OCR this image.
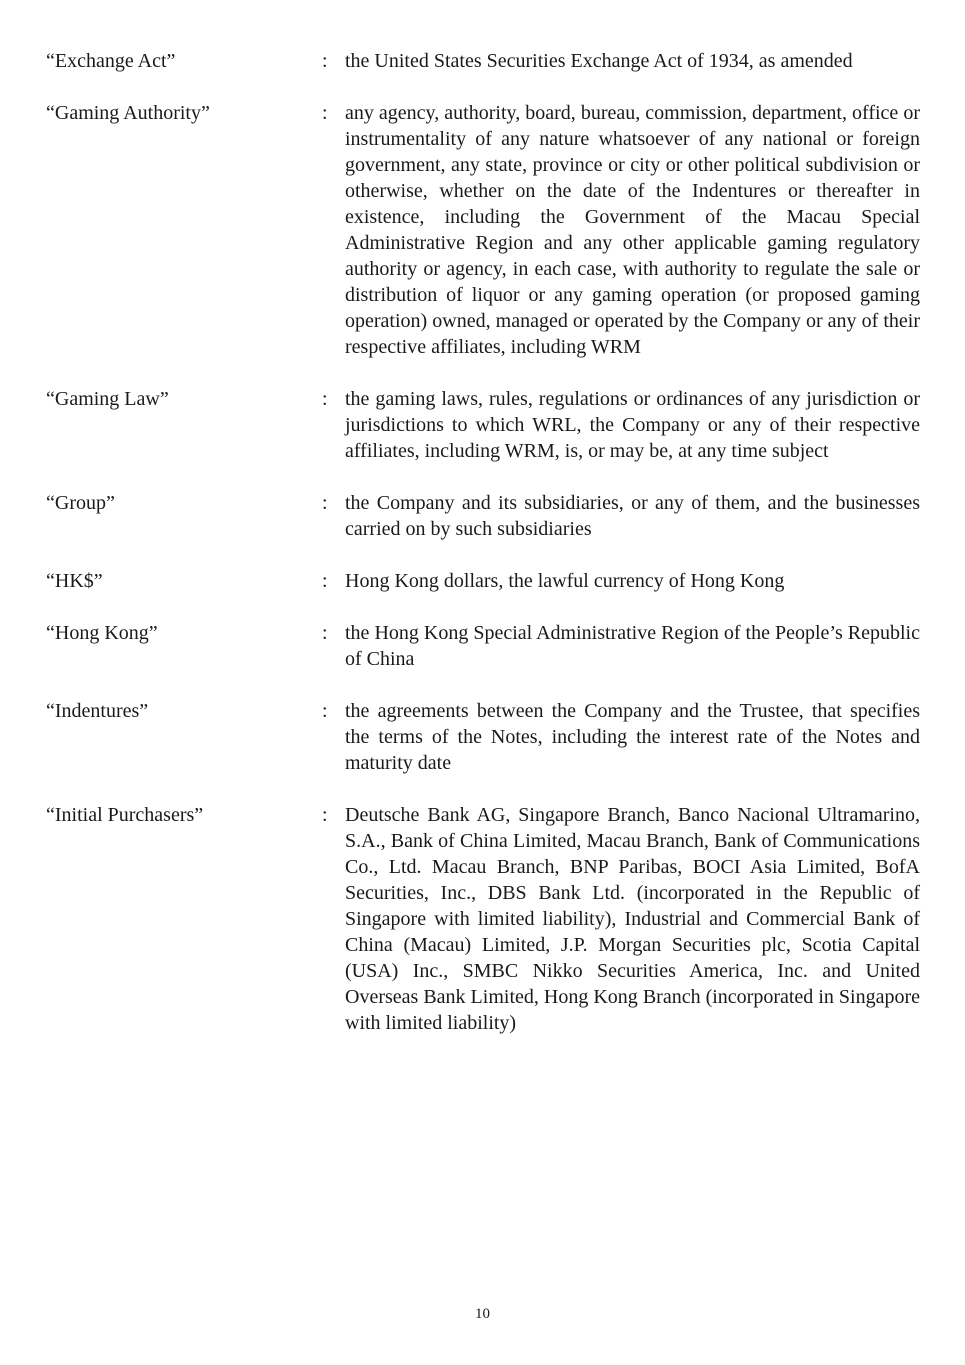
“Exchange Act”	: the United States Securities Exchange Act of 1934, as amended
“Gaming Authority”	: any agency, authority, board, bureau, commission, department, office or instrumentality of any nature whatsoever of any national or foreign government, any state, province or city or other political subdivision or otherwise, whether on the date of the Indentures or thereafter in existence, including the Government of the Macau Special Administrative Region and any other applicable gaming regulatory authority or agency, in each case, with authority to regulate the sale or distribution of liquor or any gaming operation (or proposed gaming operation) owned, managed or operated by the Company or any of their respective affiliates, including WRM
“Gaming Law”	: the gaming laws, rules, regulations or ordinances of any jurisdiction or jurisdictions to which WRL, the Company or any of their respective affiliates, including WRM, is, or may be, at any time subject
“Group”	: the Company and its subsidiaries, or any of them, and the businesses carried on by such subsidiaries
“HK$”	: Hong Kong dollars, the lawful currency of Hong Kong
“Hong Kong”	: the Hong Kong Special Administrative Region of the People’s Republic of China
“Indentures”	: the agreements between the Company and the Trustee, that specifies the terms of the Notes, including the interest rate of the Notes and maturity date
“Initial Purchasers”	: Deutsche Bank AG, Singapore Branch, Banco Nacional Ultramarino, S.A., Bank of China Limited, Macau Branch, Bank of Communications Co., Ltd. Macau Branch, BNP Paribas, BOCI Asia Limited, BofA Securities, Inc., DBS Bank Ltd. (incorporated in the Republic of Singapore with limited liability), Industrial and Commercial Bank of China (Macau) Limited, J.P. Morgan Securities plc, Scotia Capital (USA) Inc., SMBC Nikko Securities America, Inc. and United Overseas Bank Limited, Hong Kong Branch (incorporated in Singapore with limited liability)
10
